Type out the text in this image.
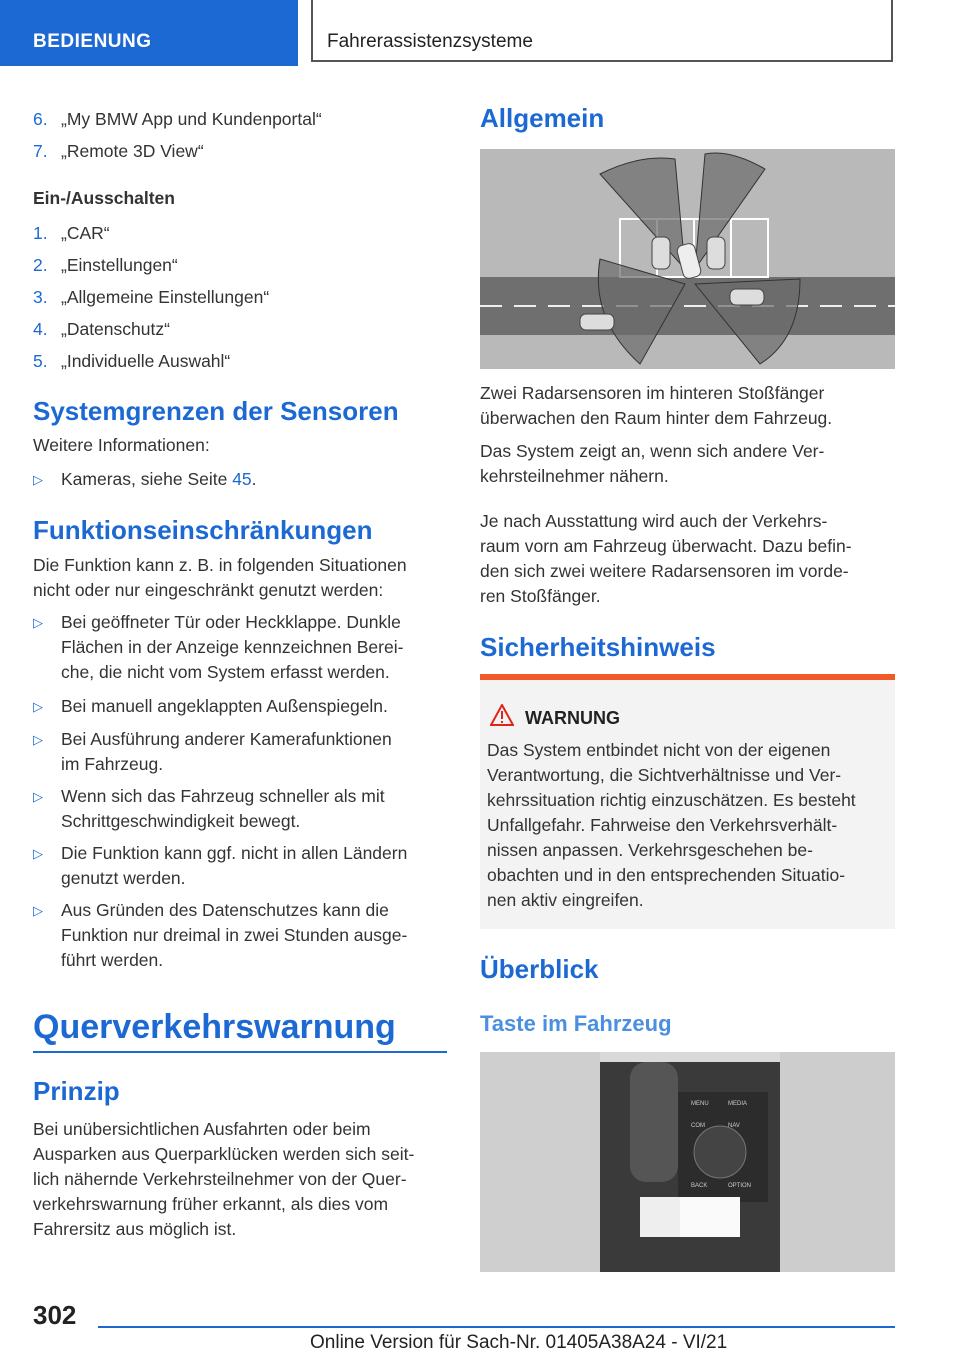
BEDIENUNG	Fahrerassistenzsysteme
6. „My BMW App und Kundenportal“
7. „Remote 3D View“
Ein-/Ausschalten
1. „CAR“
2. „Einstellungen“
3. „Allgemeine Einstellungen“
4. „Datenschutz“
5. „Individuelle Auswahl“
Systemgrenzen der Sensoren
Weitere Informationen:
▷ Kameras, siehe Seite 45.
Funktionseinschränkungen
Die Funktion kann z. B. in folgenden Situationen
nicht oder nur eingeschränkt genutzt werden:
▷ Bei geöffneter Tür oder Heckklappe. Dunkle
Flächen in der Anzeige kennzeichnen Berei-
che, die nicht vom System erfasst werden.
▷ Bei manuell angeklappten Außenspiegeln.
▷ Bei Ausführung anderer Kamerafunktionen
im Fahrzeug.
▷ Wenn sich das Fahrzeug schneller als mit
Schrittgeschwindigkeit bewegt.
▷ Die Funktion kann ggf. nicht in allen Ländern
genutzt werden.
▷ Aus Gründen des Datenschutzes kann die
Funktion nur dreimal in zwei Stunden ausge-
führt werden.
Querverkehrswarnung
Prinzip
Bei unübersichtlichen Ausfahrten oder beim
Ausparken aus Querparklücken werden sich seit-
lich nähernde Verkehrsteilnehmer von der Quer-
verkehrswarnung früher erkannt, als dies vom
Fahrersitz aus möglich ist.
Allgemein
Zwei Radarsensoren im hinteren Stoßfänger
überwachen den Raum hinter dem Fahrzeug.
Das System zeigt an, wenn sich andere Ver-
kehrsteilnehmer nähern.
Je nach Ausstattung wird auch der Verkehrs-
raum vorn am Fahrzeug überwacht. Dazu befin-
den sich zwei weitere Radarsensoren im vorde-
ren Stoßfänger.
Sicherheitshinweis
WARNUNG
Das System entbindet nicht von der eigenen
Verantwortung, die Sichtverhältnisse und Ver-
kehrssituation richtig einzuschätzen. Es besteht
Unfallgefahr. Fahrweise den Verkehrsverhält-
nissen anpassen. Verkehrsgeschehen be-
obachten und in den entsprechenden Situatio-
nen aktiv eingreifen.
Überblick
Taste im Fahrzeug
MENU	MEDIA
COM	NAV
BACK	OPTION
302
Online Version für Sach-Nr. 01405A38A24 - VI/21
